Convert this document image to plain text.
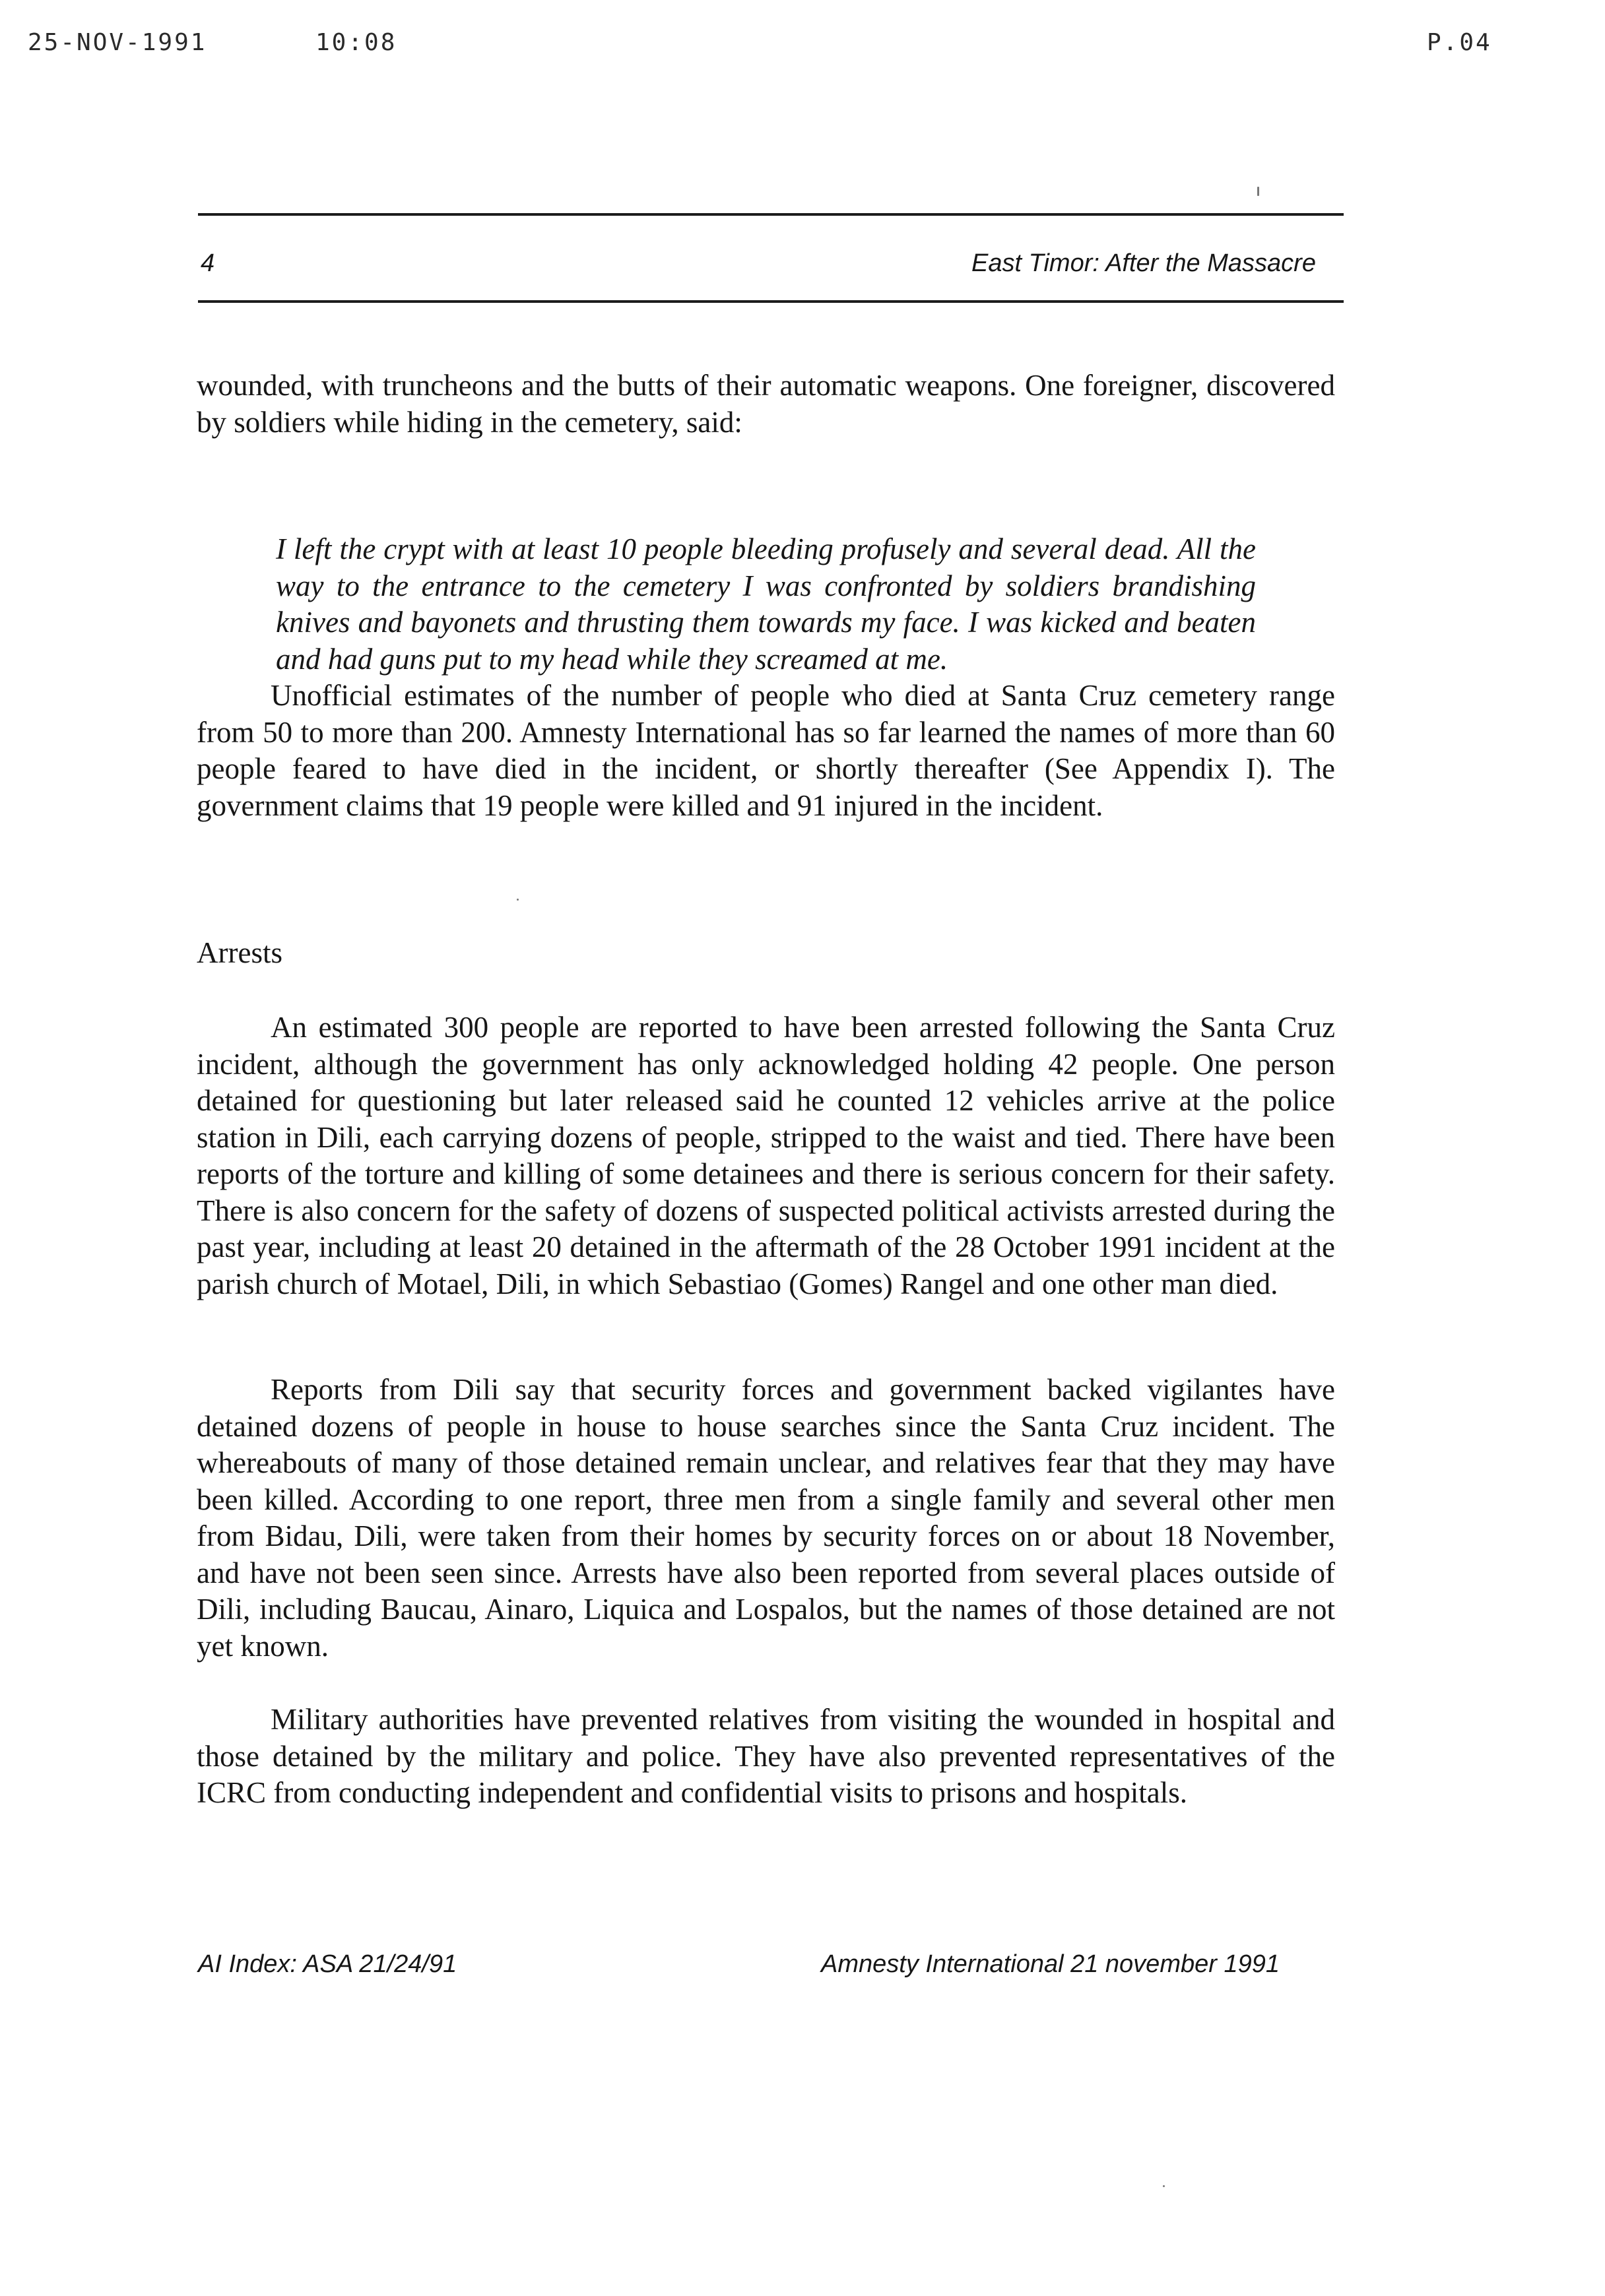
25-NOV-1991	10:08	P.04
4	East Timor: After the Massacre

wounded, with truncheons and the butts of their automatic weapons. One foreigner, discovered by soldiers while hiding in the cemetery, said:

I left the crypt with at least 10 people bleeding profusely and several dead. All the way to the entrance to the cemetery I was confronted by soldiers brandishing knives and bayonets and thrusting them towards my face. I was kicked and beaten and had guns put to my head while they screamed at me.

Unofficial estimates of the number of people who died at Santa Cruz cemetery range from 50 to more than 200. Amnesty International has so far learned the names of more than 60 people feared to have died in the incident, or shortly thereafter (See Appendix I). The government claims that 19 people were killed and 91 injured in the incident.

Arrests

An estimated 300 people are reported to have been arrested following the Santa Cruz incident, although the government has only acknowledged holding 42 people. One person detained for questioning but later released said he counted 12 vehicles arrive at the police station in Dili, each carrying dozens of people, stripped to the waist and tied. There have been reports of the torture and killing of some detainees and there is serious concern for their safety. There is also concern for the safety of dozens of suspected political activists arrested during the past year, including at least 20 detained in the aftermath of the 28 October 1991 incident at the parish church of Motael, Dili, in which Sebastiao (Gomes) Rangel and one other man died.

Reports from Dili say that security forces and government backed vigilantes have detained dozens of people in house to house searches since the Santa Cruz incident. The whereabouts of many of those detained remain unclear, and relatives fear that they may have been killed. According to one report, three men from a single family and several other men from Bidau, Dili, were taken from their homes by security forces on or about 18 November, and have not been seen since. Arrests have also been reported from several places outside of Dili, including Baucau, Ainaro, Liquica and Lospalos, but the names of those detained are not yet known.

Military authorities have prevented relatives from visiting the wounded in hospital and those detained by the military and police. They have also prevented representatives of the ICRC from conducting independent and confidential visits to prisons and hospitals.

AI Index: ASA 21/24/91	Amnesty International 21 november 1991
